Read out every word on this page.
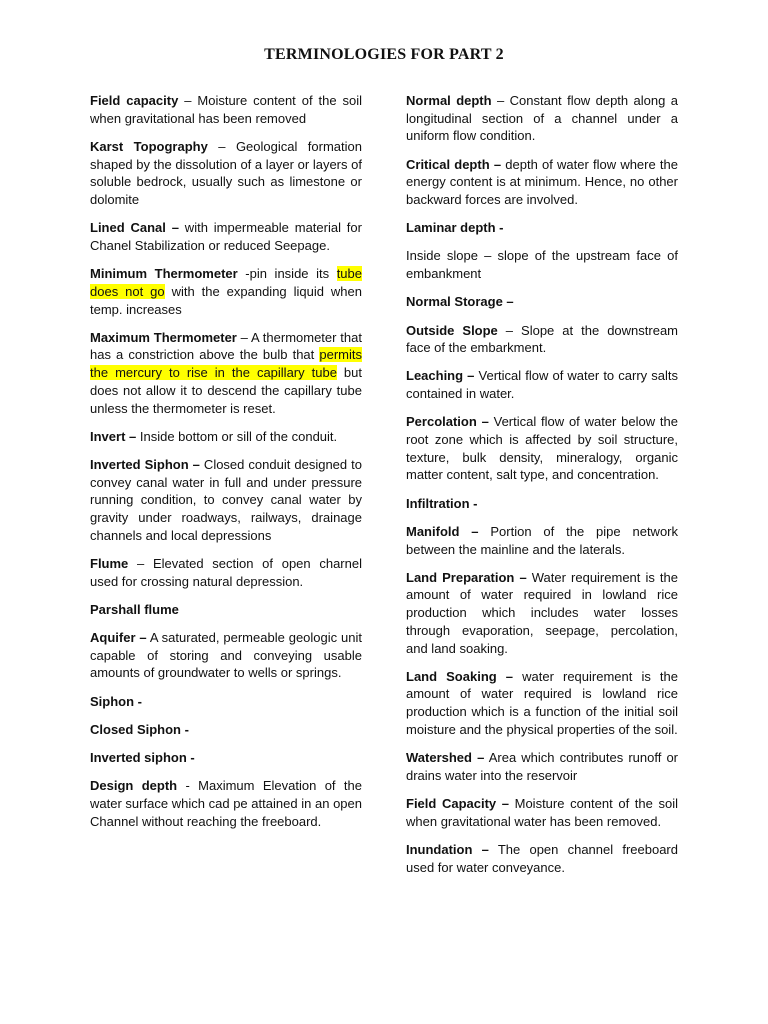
TERMINOLOGIES FOR PART 2
Field capacity – Moisture content of the soil when gravitational has been removed
Karst Topography – Geological formation shaped by the dissolution of a layer or layers of soluble bedrock, usually such as limestone or dolomite
Lined Canal – with impermeable material for Chanel Stabilization or reduced Seepage.
Minimum Thermometer -pin inside its tube does not go with the expanding liquid when temp. increases
Maximum Thermometer – A thermometer that has a constriction above the bulb that permits the mercury to rise in the capillary tube but does not allow it to descend the capillary tube unless the thermometer is reset.
Invert – Inside bottom or sill of the conduit.
Inverted Siphon – Closed conduit designed to convey canal water in full and under pressure running condition, to convey canal water by gravity under roadways, railways, drainage channels and local depressions
Flume – Elevated section of open charnel used for crossing natural depression.
Parshall flume
Aquifer – A saturated, permeable geologic unit capable of storing and conveying usable amounts of groundwater to wells or springs.
Siphon -
Closed Siphon -
Inverted siphon -
Design depth - Maximum Elevation of the water surface which cad pe attained in an open Channel without reaching the freeboard.
Normal depth – Constant flow depth along a longitudinal section of a channel under a uniform flow condition.
Critical depth – depth of water flow where the energy content is at minimum. Hence, no other backward forces are involved.
Laminar depth -
Inside slope – slope of the upstream face of embankment
Normal Storage –
Outside Slope – Slope at the downstream face of the embarkment.
Leaching – Vertical flow of water to carry salts contained in water.
Percolation – Vertical flow of water below the root zone which is affected by soil structure, texture, bulk density, mineralogy, organic matter content, salt type, and concentration.
Infiltration -
Manifold – Portion of the pipe network between the mainline and the laterals.
Land Preparation – Water requirement is the amount of water required in lowland rice production which includes water losses through evaporation, seepage, percolation, and land soaking.
Land Soaking – water requirement is the amount of water required is lowland rice production which is a function of the initial soil moisture and the physical properties of the soil.
Watershed – Area which contributes runoff or drains water into the reservoir
Field Capacity – Moisture content of the soil when gravitational water has been removed.
Inundation – The open channel freeboard used for water conveyance.
